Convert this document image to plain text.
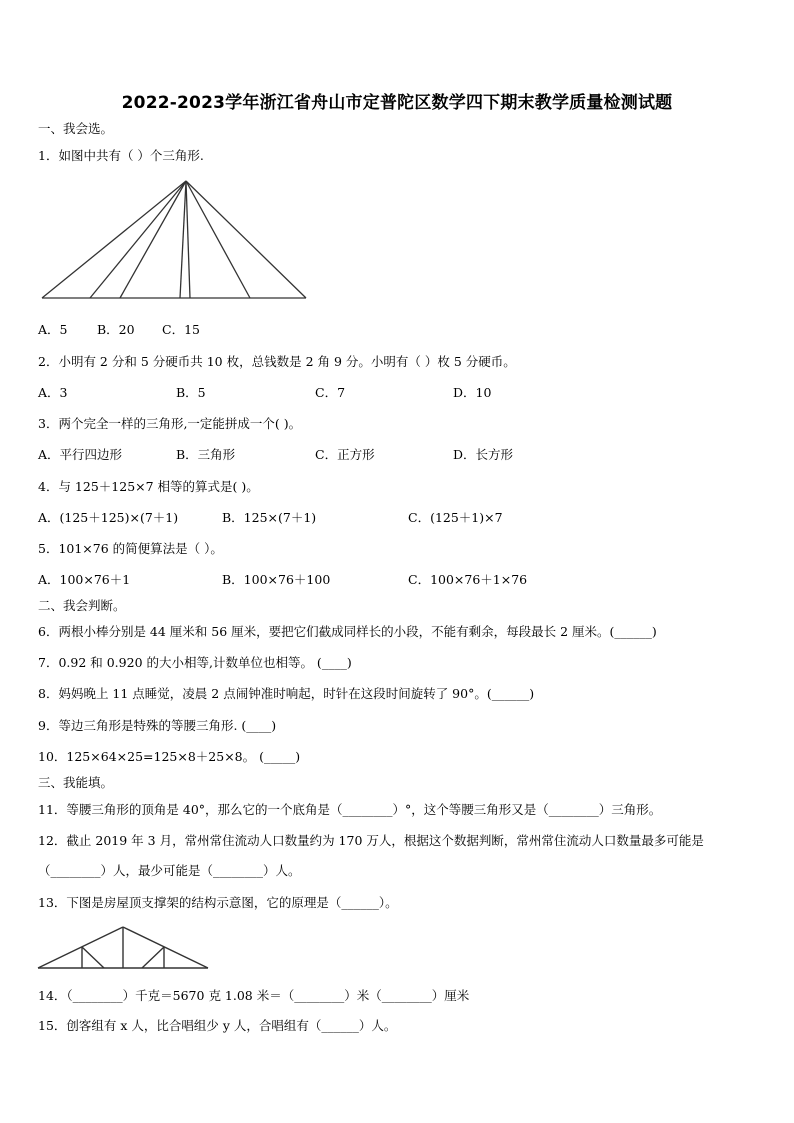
2022-2023学年浙江省舟山市定普陀区数学四下期末教学质量检测试题
一、我会选。
1．如图中共有（ ）个三角形.
A．5 B．20 C．15
2．小明有 2 分和 5 分硬币共 10 枚，总钱数是 2 角 9 分。小明有（ ）枚 5 分硬币。
A．3	B．5	C．7	D．10
3．两个完全一样的三角形,一定能拼成一个( )。
A．平行四边形	B．三角形	C．正方形	D．长方形
4．与 125＋125×7 相等的算式是( )。
A．(125＋125)×(7＋1)	B．125×(7＋1)	C．(125＋1)×7
5．101×76 的简便算法是（ ）。
A．100×76＋1	B．100×76＋100	C．100×76＋1×76
二、我会判断。
6．两根小棒分别是 44 厘米和 56 厘米，要把它们截成同样长的小段，不能有剩余，每段最长 2 厘米。(______)
7．0.92 和 0.920 的大小相等,计数单位也相等。 (____)
8．妈妈晚上 11 点睡觉，凌晨 2 点闹钟准时响起，时针在这段时间旋转了 90°。(______)
9．等边三角形是特殊的等腰三角形. (____)
10．125×64×25=125×8＋25×8。 (_____)
三、我能填。
11．等腰三角形的顶角是 40°，那么它的一个底角是（________）°，这个等腰三角形又是（________）三角形。
12．截止 2019 年 3 月，常州常住流动人口数量约为 170 万人，根据这个数据判断，常州常住流动人口数量最多可能是
（________）人，最少可能是（________）人。
13．下图是房屋顶支撑架的结构示意图，它的原理是（______）。
14．（________）千克＝5670 克 1.08 米＝（________）米（________）厘米
15．创客组有 x 人，比合唱组少 y 人，合唱组有（______）人。
